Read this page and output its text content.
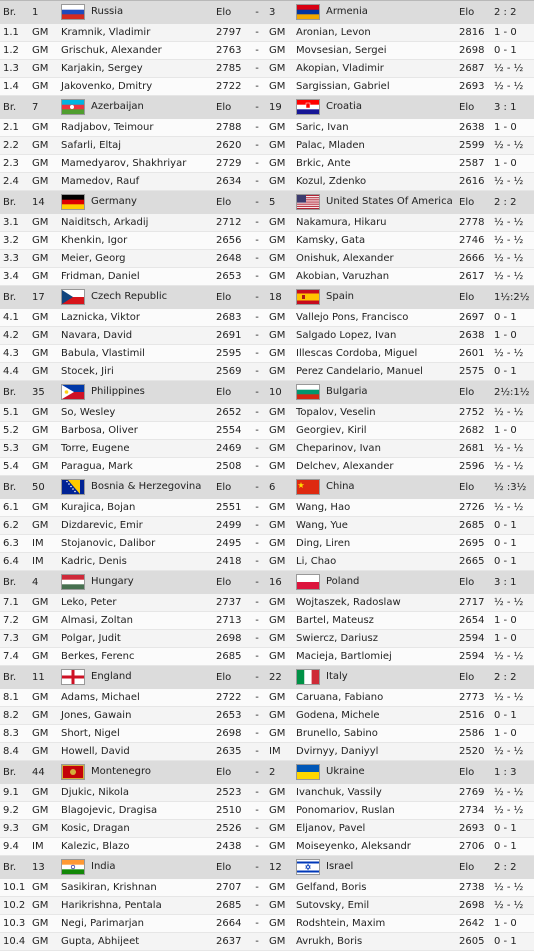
Br.	1	Russia	Elo	-	3	Armenia	Elo	2 : 2
1.1	GM	Kramnik, Vladimir	2797	-	GM	Aronian, Levon	2816	1 - 0
1.2	GM	Grischuk, Alexander	2763	-	GM	Movsesian, Sergei	2698	0 - 1
1.3	GM	Karjakin, Sergey	2785	-	GM	Akopian, Vladimir	2687	½ - ½
1.4	GM	Jakovenko, Dmitry	2722	-	GM	Sargissian, Gabriel	2693	½ - ½
Br.	7	Azerbaijan	Elo	-	19	Croatia	Elo	3 : 1
2.1	GM	Radjabov, Teimour	2788	-	GM	Saric, Ivan	2638	1 - 0
2.2	GM	Safarli, Eltaj	2620	-	GM	Palac, Mladen	2599	½ - ½
2.3	GM	Mamedyarov, Shakhriyar	2729	-	GM	Brkic, Ante	2587	1 - 0
2.4	GM	Mamedov, Rauf	2634	-	GM	Kozul, Zdenko	2616	½ - ½
Br.	14	Germany	Elo	-	5	United States Of America	Elo	2 : 2
3.1	GM	Naiditsch, Arkadij	2712	-	GM	Nakamura, Hikaru	2778	½ - ½
3.2	GM	Khenkin, Igor	2656	-	GM	Kamsky, Gata	2746	½ - ½
3.3	GM	Meier, Georg	2648	-	GM	Onishuk, Alexander	2666	½ - ½
3.4	GM	Fridman, Daniel	2653	-	GM	Akobian, Varuzhan	2617	½ - ½
Br.	17	Czech Republic	Elo	-	18	Spain	Elo	1½:2½
4.1	GM	Laznicka, Viktor	2683	-	GM	Vallejo Pons, Francisco	2697	0 - 1
4.2	GM	Navara, David	2691	-	GM	Salgado Lopez, Ivan	2638	1 - 0
4.3	GM	Babula, Vlastimil	2595	-	GM	Illescas Cordoba, Miguel	2601	½ - ½
4.4	GM	Stocek, Jiri	2569	-	GM	Perez Candelario, Manuel	2575	0 - 1
Br.	35	Philippines	Elo	-	10	Bulgaria	Elo	2½:1½
5.1	GM	So, Wesley	2652	-	GM	Topalov, Veselin	2752	½ - ½
5.2	GM	Barbosa, Oliver	2554	-	GM	Georgiev, Kiril	2682	1 - 0
5.3	GM	Torre, Eugene	2469	-	GM	Cheparinov, Ivan	2681	½ - ½
5.4	GM	Paragua, Mark	2508	-	GM	Delchev, Alexander	2596	½ - ½
Br.	50	Bosnia & Herzegovina	Elo	-	6	China	Elo	½ :3½
6.1	GM	Kurajica, Bojan	2551	-	GM	Wang, Hao	2726	½ - ½
6.2	GM	Dizdarevic, Emir	2499	-	GM	Wang, Yue	2685	0 - 1
6.3	IM	Stojanovic, Dalibor	2495	-	GM	Ding, Liren	2695	0 - 1
6.4	IM	Kadric, Denis	2418	-	GM	Li, Chao	2665	0 - 1
Br.	4	Hungary	Elo	-	16	Poland	Elo	3 : 1
7.1	GM	Leko, Peter	2737	-	GM	Wojtaszek, Radoslaw	2717	½ - ½
7.2	GM	Almasi, Zoltan	2713	-	GM	Bartel, Mateusz	2654	1 - 0
7.3	GM	Polgar, Judit	2698	-	GM	Swiercz, Dariusz	2594	1 - 0
7.4	GM	Berkes, Ferenc	2685	-	GM	Macieja, Bartlomiej	2594	½ - ½
Br.	11	England	Elo	-	22	Italy	Elo	2 : 2
8.1	GM	Adams, Michael	2722	-	GM	Caruana, Fabiano	2773	½ - ½
8.2	GM	Jones, Gawain	2653	-	GM	Godena, Michele	2516	0 - 1
8.3	GM	Short, Nigel	2698	-	GM	Brunello, Sabino	2586	1 - 0
8.4	GM	Howell, David	2635	-	IM	Dvirnyy, Daniyyl	2520	½ - ½
Br.	44	Montenegro	Elo	-	2	Ukraine	Elo	1 : 3
9.1	GM	Djukic, Nikola	2523	-	GM	Ivanchuk, Vassily	2769	½ - ½
9.2	GM	Blagojevic, Dragisa	2510	-	GM	Ponomariov, Ruslan	2734	½ - ½
9.3	GM	Kosic, Dragan	2526	-	GM	Eljanov, Pavel	2693	0 - 1
9.4	IM	Kalezic, Blazo	2438	-	GM	Moiseyenko, Aleksandr	2706	0 - 1
Br.	13	India	Elo	-	12	Israel	Elo	2 : 2
10.1	GM	Sasikiran, Krishnan	2707	-	GM	Gelfand, Boris	2738	½ - ½
10.2	GM	Harikrishna, Pentala	2685	-	GM	Sutovsky, Emil	2698	½ - ½
10.3	GM	Negi, Parimarjan	2664	-	GM	Rodshtein, Maxim	2642	1 - 0
10.4	GM	Gupta, Abhijeet	2637	-	GM	Avrukh, Boris	2605	0 - 1
